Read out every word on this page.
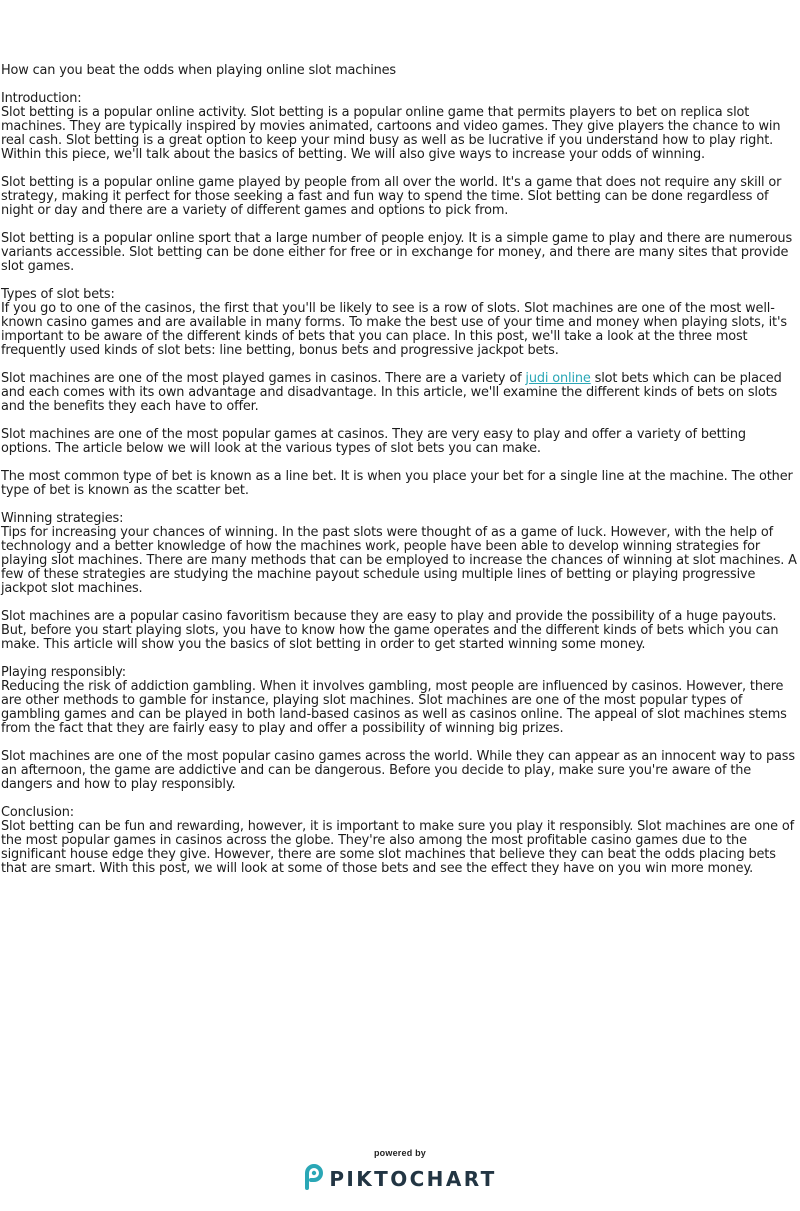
How can you beat the odds when playing online slot machines

Introduction:
Slot betting is a popular online activity. Slot betting is a popular online game that permits players to bet on replica slot machines. They are typically inspired by movies animated, cartoons and video games. They give players the chance to win real cash. Slot betting is a great option to keep your mind busy as well as be lucrative if you understand how to play right. Within this piece, we'll talk about the basics of betting. We will also give ways to increase your odds of winning.

Slot betting is a popular online game played by people from all over the world. It's a game that does not require any skill or strategy, making it perfect for those seeking a fast and fun way to spend the time. Slot betting can be done regardless of night or day and there are a variety of different games and options to pick from.

Slot betting is a popular online sport that a large number of people enjoy. It is a simple game to play and there are numerous variants accessible. Slot betting can be done either for free or in exchange for money, and there are many sites that provide slot games.

Types of slot bets:
If you go to one of the casinos, the first that you'll be likely to see is a row of slots. Slot machines are one of the most well-known casino games and are available in many forms. To make the best use of your time and money when playing slots, it's important to be aware of the different kinds of bets that you can place. In this post, we'll take a look at the three most frequently used kinds of slot bets: line betting, bonus bets and progressive jackpot bets.

Slot machines are one of the most played games in casinos. There are a variety of judi online slot bets which can be placed and each comes with its own advantage and disadvantage. In this article, we'll examine the different kinds of bets on slots and the benefits they each have to offer.

Slot machines are one of the most popular games at casinos. They are very easy to play and offer a variety of betting options. The article below we will look at the various types of slot bets you can make.

The most common type of bet is known as a line bet. It is when you place your bet for a single line at the machine. The other type of bet is known as the scatter bet.

Winning strategies:
Tips for increasing your chances of winning. In the past slots were thought of as a game of luck. However, with the help of technology and a better knowledge of how the machines work, people have been able to develop winning strategies for playing slot machines. There are many methods that can be employed to increase the chances of winning at slot machines. A few of these strategies are studying the machine payout schedule using multiple lines of betting or playing progressive jackpot slot machines.

Slot machines are a popular casino favoritism because they are easy to play and provide the possibility of a huge payouts. But, before you start playing slots, you have to know how the game operates and the different kinds of bets which you can make. This article will show you the basics of slot betting in order to get started winning some money.

Playing responsibly:
Reducing the risk of addiction gambling. When it involves gambling, most people are influenced by casinos. However, there are other methods to gamble for instance, playing slot machines. Slot machines are one of the most popular types of gambling games and can be played in both land-based casinos as well as casinos online. The appeal of slot machines stems from the fact that they are fairly easy to play and offer a possibility of winning big prizes.

Slot machines are one of the most popular casino games across the world. While they can appear as an innocent way to pass an afternoon, the game are addictive and can be dangerous. Before you decide to play, make sure you're aware of the dangers and how to play responsibly.

Conclusion:
Slot betting can be fun and rewarding, however, it is important to make sure you play it responsibly. Slot machines are one of the most popular games in casinos across the globe. They're also among the most profitable casino games due to the significant house edge they give. However, there are some slot machines that believe they can beat the odds placing bets that are smart. With this post, we will look at some of those bets and see the effect they have on you win more money.

powered by
PIKTOCHART
